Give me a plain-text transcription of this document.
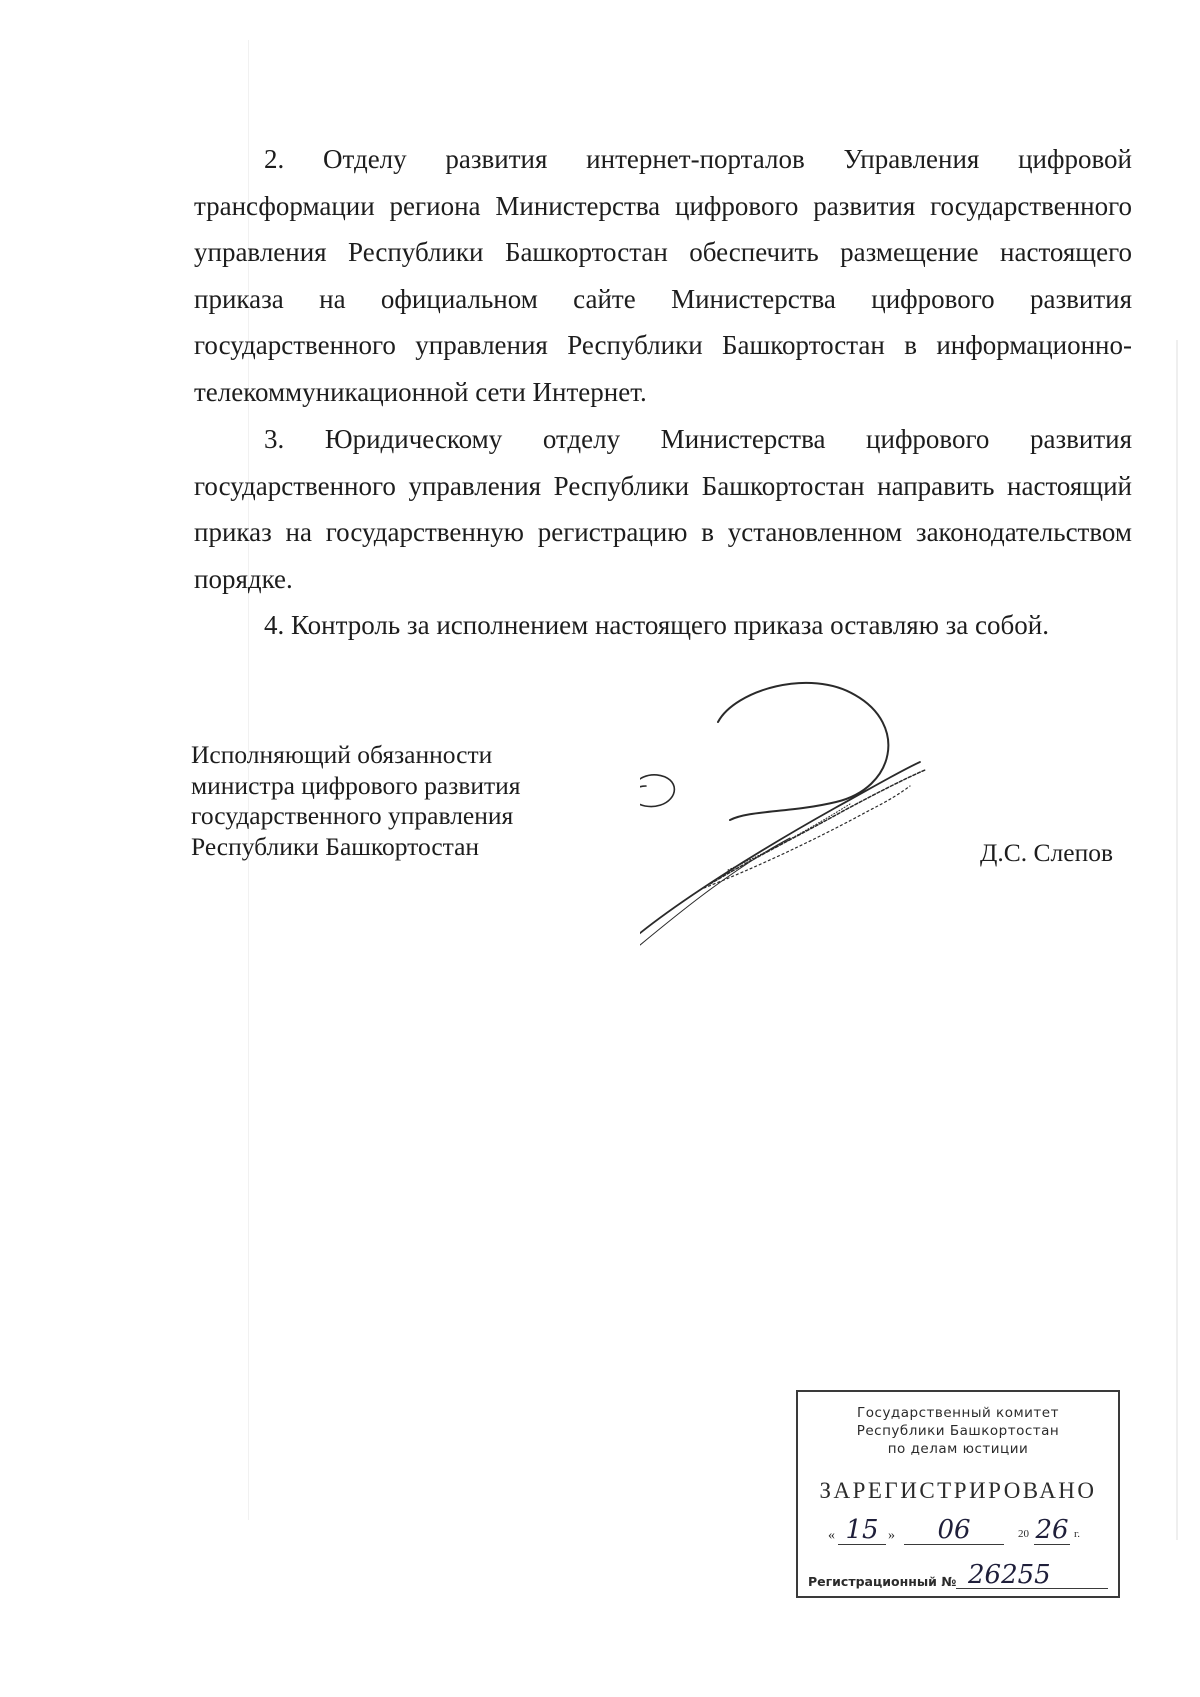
2. Отделу развития интернет-порталов Управления цифровой трансформации региона Министерства цифрового развития государственного управления Республики Башкортостан обеспечить размещение настоящего приказа на официальном сайте Министерства цифрового развития государственного управления Республики Башкортостан в информационно-телекоммуникационной сети Интернет.

3. Юридическому отделу Министерства цифрового развития государственного управления Республики Башкортостан направить настоящий приказ на государственную регистрацию в установленном законодательством порядке.

4. Контроль за исполнением настоящего приказа оставляю за собой.

Исполняющий обязанности
министра цифрового развития
государственного управления
Республики Башкортостан	Д.С. Слепов
Государственный комитет
Республики Башкортостан
по делам юстиции
ЗАРЕГИСТРИРОВАНО
« 15 »	06	20 26 г.
Регистрационный № 26255
